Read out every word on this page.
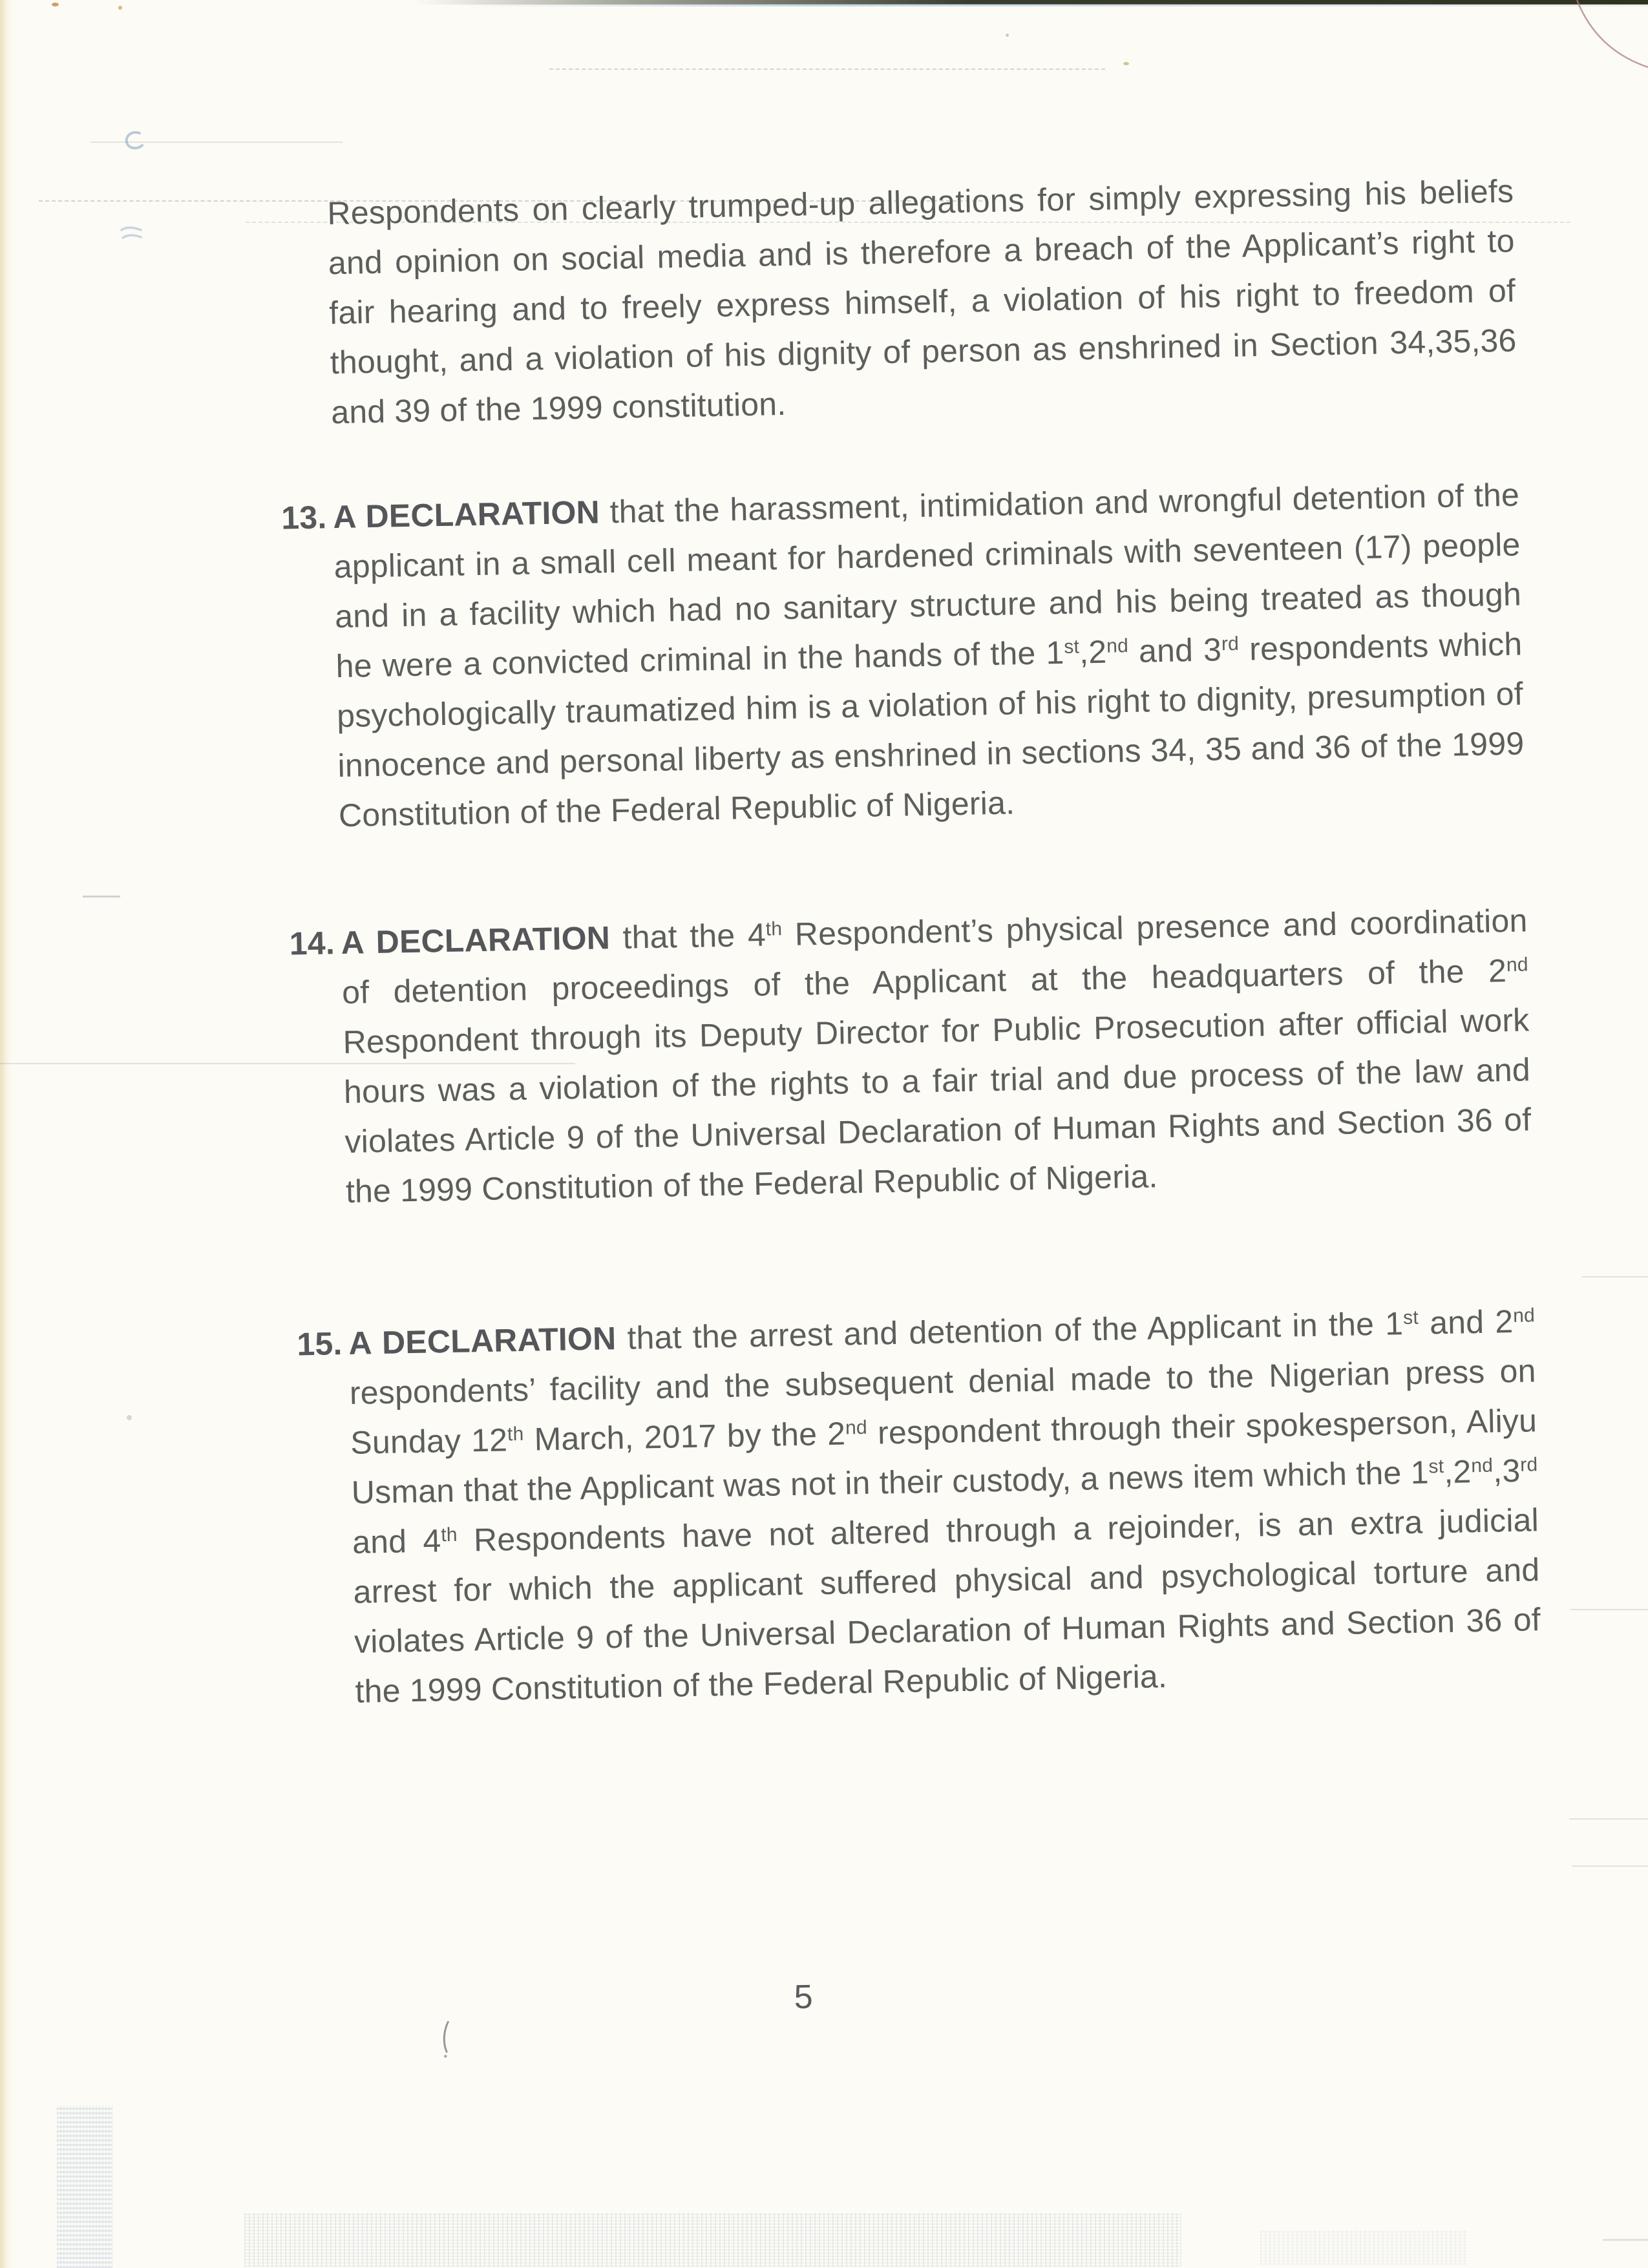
Respondents on clearly trumped-up allegations for simply expressing his beliefs and opinion on social media and is therefore a breach of the Applicant’s right to fair hearing and to freely express himself, a violation of his right to freedom of thought, and a violation of his dignity of person as enshrined in Section 34,35,36 and 39 of the 1999 constitution.

13. A DECLARATION that the harassment, intimidation and wrongful detention of the applicant in a small cell meant for hardened criminals with seventeen (17) people and in a facility which had no sanitary structure and his being treated as though he were a convicted criminal in the hands of the 1st,2nd and 3rd respondents which psychologically traumatized him is a violation of his right to dignity, presumption of innocence and personal liberty as enshrined in sections 34, 35 and 36 of the 1999 Constitution of the Federal Republic of Nigeria.

14. A DECLARATION that the 4th Respondent’s physical presence and coordination of detention proceedings of the Applicant at the headquarters of the 2nd Respondent through its Deputy Director for Public Prosecution after official work hours was a violation of the rights to a fair trial and due process of the law and violates Article 9 of the Universal Declaration of Human Rights and Section 36 of the 1999 Constitution of the Federal Republic of Nigeria.

15. A DECLARATION that the arrest and detention of the Applicant in the 1st and 2nd respondents’ facility and the subsequent denial made to the Nigerian press on Sunday 12th March, 2017 by the 2nd respondent through their spokesperson, Aliyu Usman that the Applicant was not in their custody, a news item which the 1st,2nd,3rd and 4th Respondents have not altered through a rejoinder, is an extra judicial arrest for which the applicant suffered physical and psychological torture and violates Article 9 of the Universal Declaration of Human Rights and Section 36 of the 1999 Constitution of the Federal Republic of Nigeria.

5
